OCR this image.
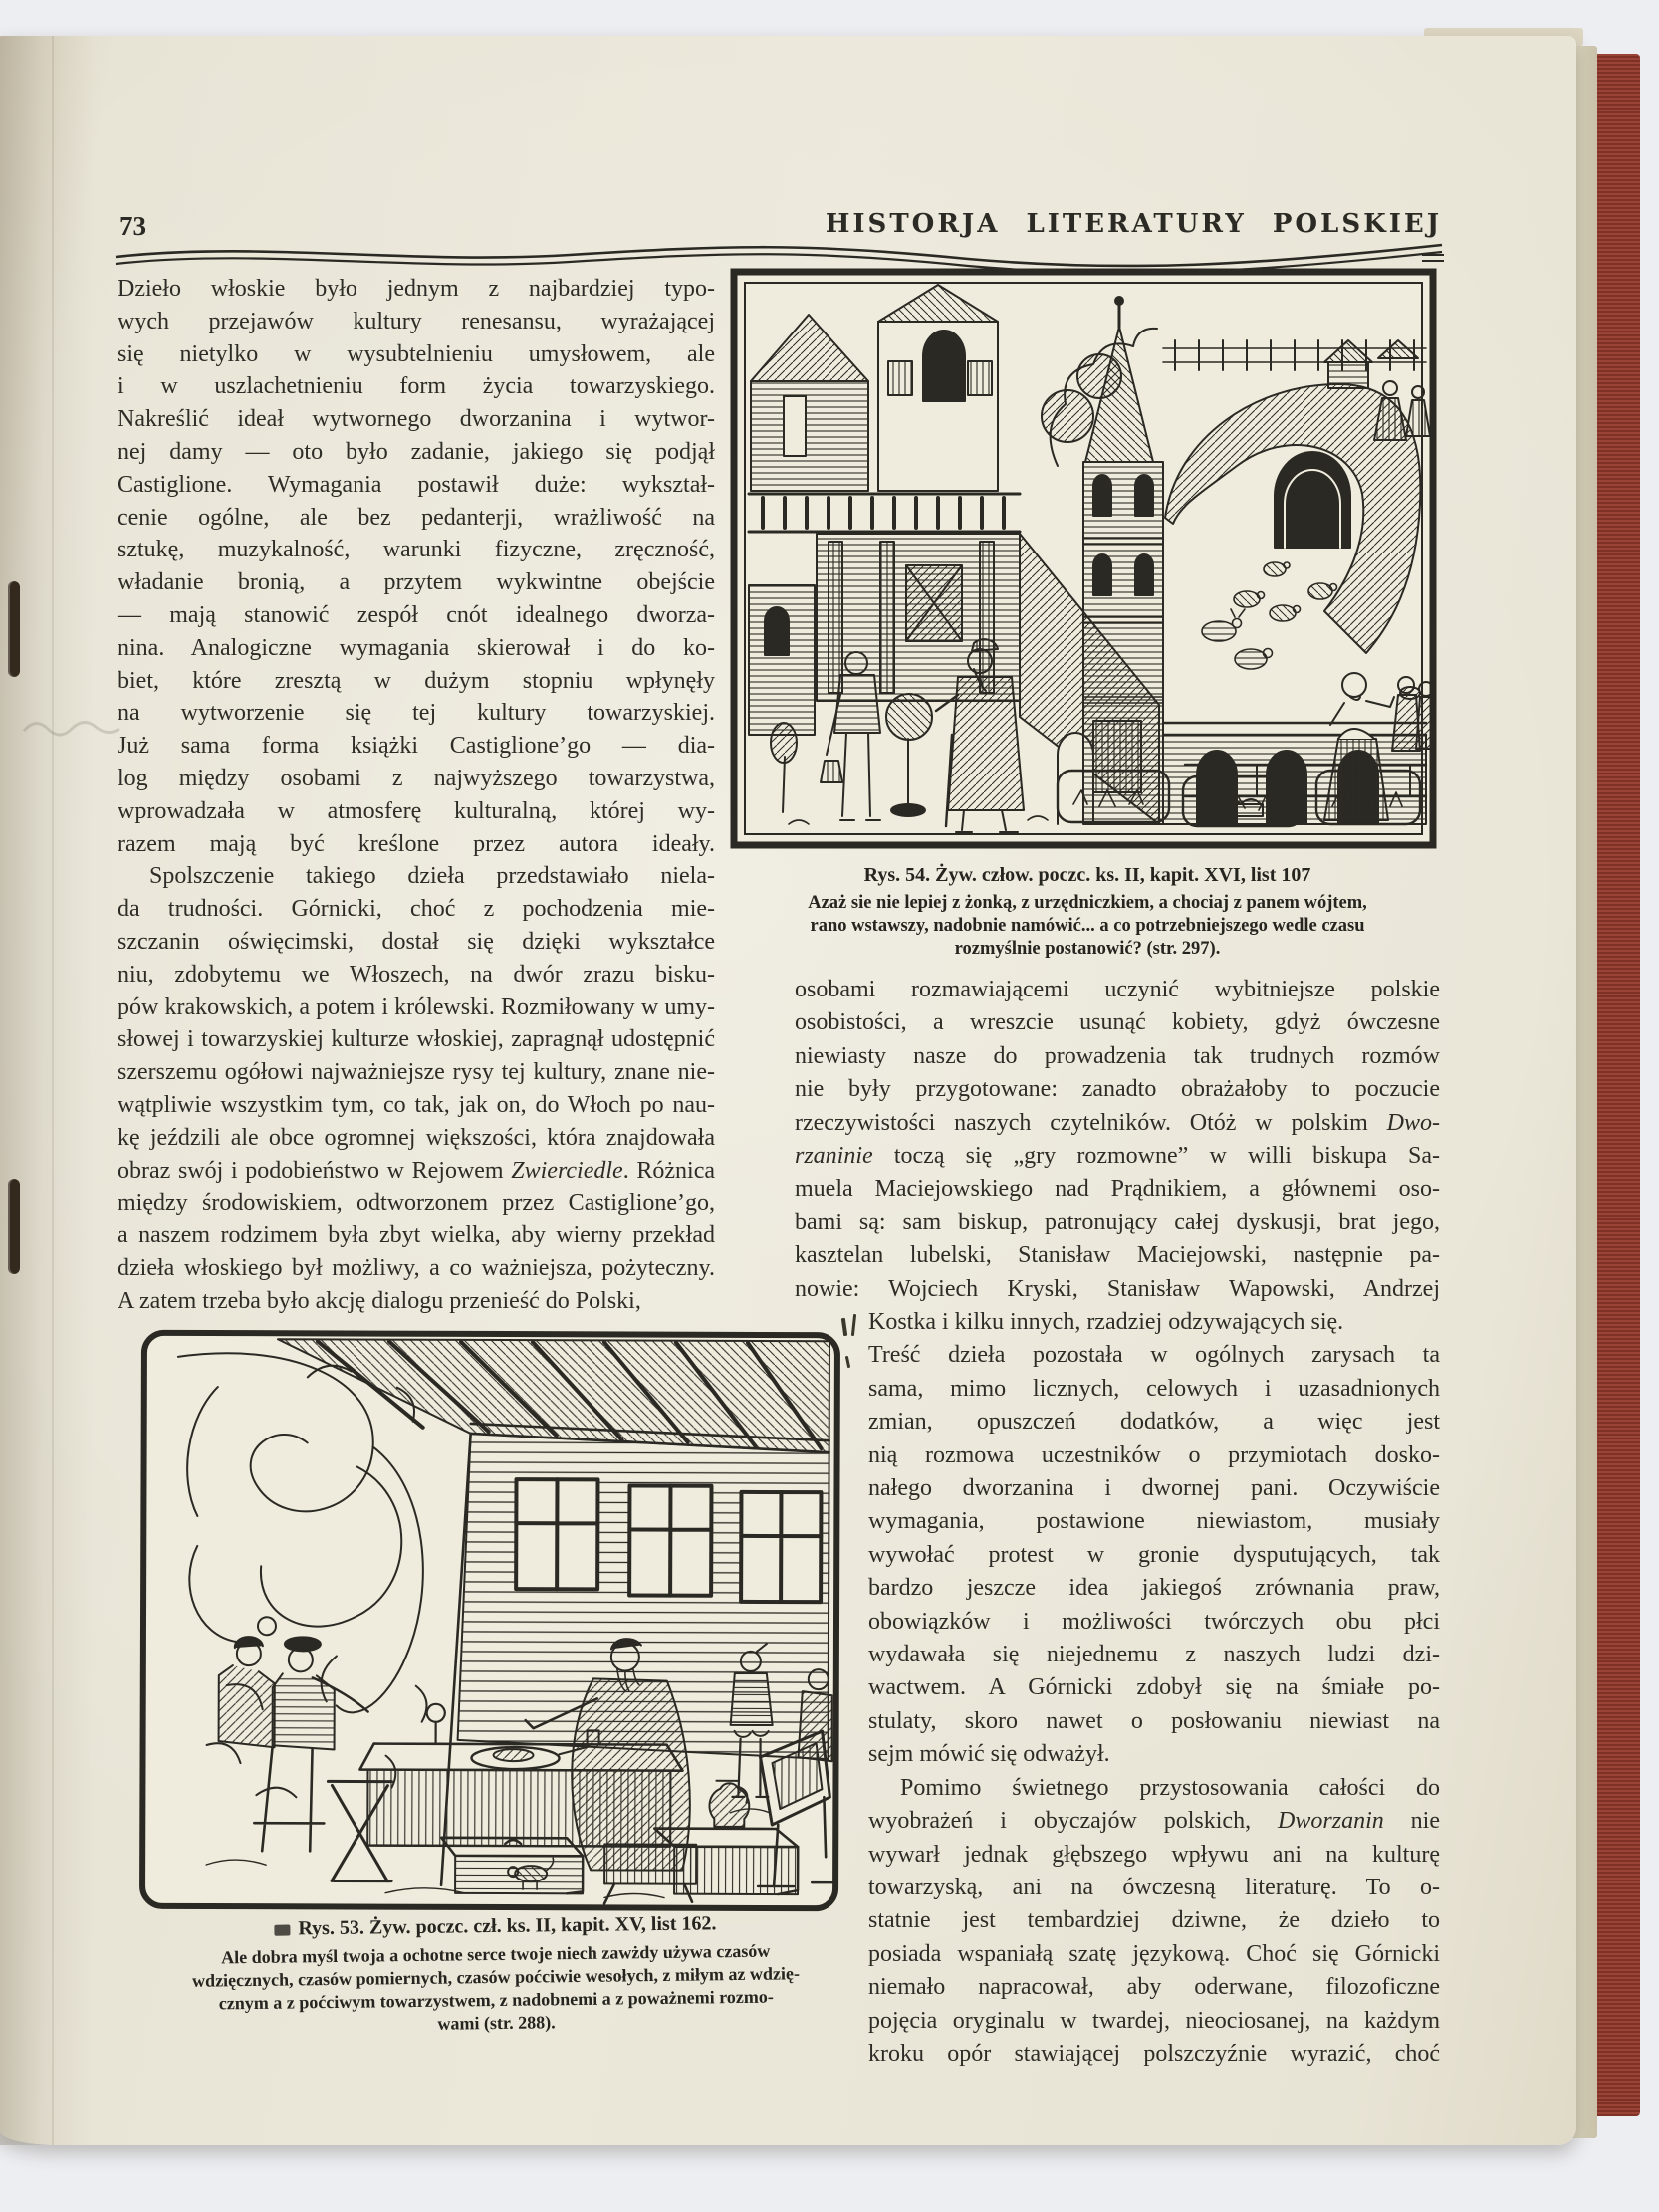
73	HISTORJA LITERATURY POLSKIEJ
Dzieło włoskie było jednym z najbardziej typo-
wych przejawów kultury renesansu, wyrażającej
się nietylko w wysubtelnieniu umysłowem, ale
i w uszlachetnieniu form życia towarzyskiego.
Nakreślić ideał wytwornego dworzanina i wytwor-
nej damy — oto było zadanie, jakiego się podjął
Castiglione. Wymagania postawił duże: wykształ-
cenie ogólne, ale bez pedanterji, wrażliwość na
sztukę, muzykalność, warunki fizyczne, zręczność,
władanie bronią, a przytem wykwintne obejście
— mają stanowić zespół cnót idealnego dworza-
nina. Analogiczne wymagania skierował i do ko-
biet, które zresztą w dużym stopniu wpłynęły
na wytworzenie się tej kultury towarzyskiej.
Już sama forma książki Castiglione’go — dia-
log między osobami z najwyższego towarzystwa,
wprowadzała w atmosferę kulturalną, której wy-
razem mają być kreślone przez autora ideały.
Spolszczenie takiego dzieła przedstawiało niela-
da trudności. Górnicki, choć z pochodzenia mie-
szczanin oświęcimski, dostał się dzięki wykształce
niu, zdobytemu we Włoszech, na dwór zrazu bisku-
pów krakowskich, a potem i królewski. Rozmiłowany w umy-
słowej i towarzyskiej kulturze włoskiej, zapragnął udostępnić
szerszemu ogółowi najważniejsze rysy tej kultury, znane nie-
wątpliwie wszystkim tym, co tak, jak on, do Włoch po nau-
kę jeździli ale obce ogromnej większości, która znajdowała
obraz swój i podobieństwo w Rejowem Zwierciedle. Różnica
między środowiskiem, odtworzonem przez Castiglione’go,
a naszem rodzimem była zbyt wielka, aby wierny przekład
dzieła włoskiego był możliwy, a co ważniejsza, pożyteczny.
A zatem trzeba było akcję dialogu przenieść do Polski,
Rys. 54. Żyw. człow. poczc. ks. II, kapit. XVI, list 107
Azaż sie nie lepiej z żonką, z urzędniczkiem, a chociaj z panem wójtem,
rano wstawszy, nadobnie namówić... a co potrzebniejszego wedle czasu
rozmyślnie postanowić? (str. 297).
osobami rozmawiającemi uczynić wybitniejsze polskie
osobistości, a wreszcie usunąć kobiety, gdyż ówczesne
niewiasty nasze do prowadzenia tak trudnych rozmów
nie były przygotowane: zanadto obrażałoby to poczucie
rzeczywistości naszych czytelników. Otóż w polskim Dwo-
rzaninie toczą się „gry rozmowne” w willi biskupa Sa-
muela Maciejowskiego nad Prądnikiem, a głównemi oso-
bami są: sam biskup, patronujący całej dyskusji, brat jego,
kasztelan lubelski, Stanisław Maciejowski, następnie pa-
nowie: Wojciech Kryski, Stanisław Wapowski, Andrzej
Rys. 53. Żyw. poczc. czł. ks. II, kapit. XV, list 162.
Ale dobra myśl twoja a ochotne serce twoje niech zawżdy używa czasów
wdzięcznych, czasów pomiernych, czasów poćciwie wesołych, z miłym az wdzię-
cznym a z poćciwym towarzystwem, z nadobnemi a z poważnemi rozmo-
wami (str. 288).
Kostka i kilku innych, rzadziej odzywających się.
Treść dzieła pozostała w ogólnych zarysach ta
sama, mimo licznych, celowych i uzasadnionych
zmian, opuszczeń dodatków, a więc jest
nią rozmowa uczestników o przymiotach dosko-
nałego dworzanina i dwornej pani. Oczywiście
wymagania, postawione niewiastom, musiały
wywołać protest w gronie dysputujących, tak
bardzo jeszcze idea jakiegoś zrównania praw,
obowiązków i możliwości twórczych obu płci
wydawała się niejednemu z naszych ludzi dzi-
wactwem. A Górnicki zdobył się na śmiałe po-
stulaty, skoro nawet o posłowaniu niewiast na
sejm mówić się odważył.
Pomimo świetnego przystosowania całości do
wyobrażeń i obyczajów polskich, Dworzanin nie
wywarł jednak głębszego wpływu ani na kulturę
towarzyską, ani na ówczesną literaturę. To o-
statnie jest tembardziej dziwne, że dzieło to
posiada wspaniałą szatę językową. Choć się Górnicki
niemało napracował, aby oderwane, filozoficzne
pojęcia oryginalu w twardej, nieociosanej, na każdym
kroku opór stawiającej polszczyźnie wyrazić, choć
